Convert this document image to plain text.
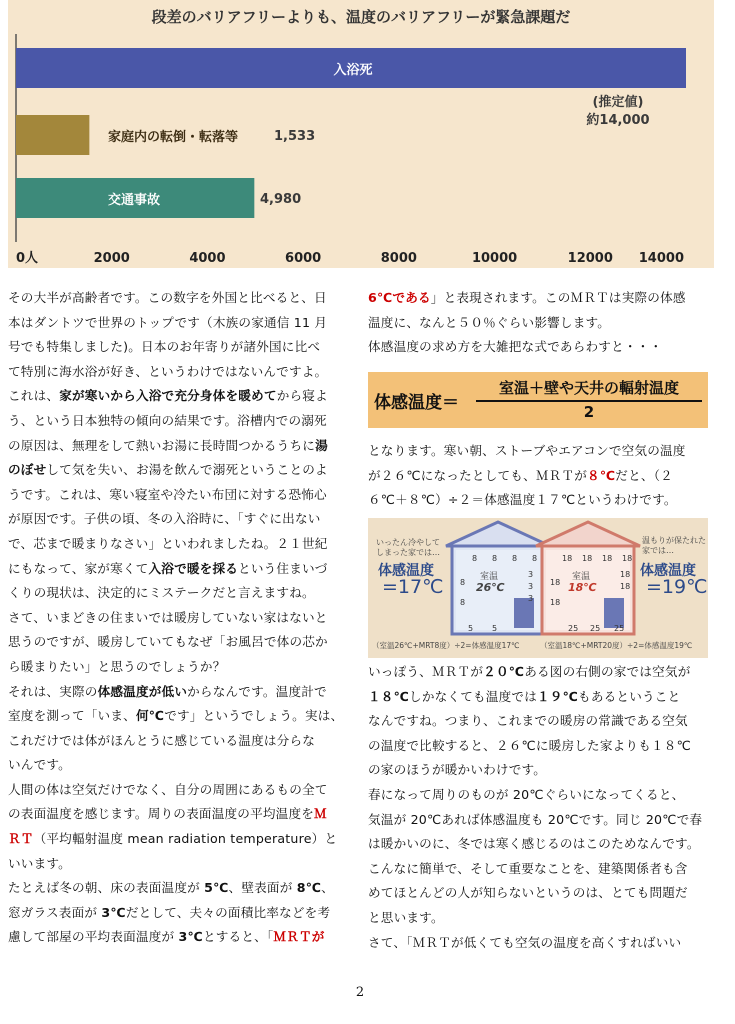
段差のバリアフリーよりも、温度のバリアフリーが緊急課題だ
入浴死
家庭内の転倒・転落等
交通事故
(推定値)
約14,000
1,533
4,980
0人	2000	4000	6000	8000	10000	12000 14000

その大半が高齢者です。この数字を外国と比べると、日

本はダントツで世界のトップです（木族の家通信 11 月

号でも特集しました)。日本のお年寄りが諸外国に比べ

て特別に海水浴が好き、というわけではないんですよ。

これは、家が寒いから入浴で充分身体を暖めてから寝よ

う、という日本独特の傾向の結果です。浴槽内での溺死

の原因は、無理をして熱いお湯に長時間つかるうちに湯

のぼせして気を失い、お湯を飲んで溺死ということのよ

うです。これは、寒い寝室や冷たい布団に対する恐怖心

が原因です。子供の頃、冬の入浴時に、「すぐに出ない

で、芯まで暖まりなさい」といわれましたね。２１世紀

にもなって、家が寒くて入浴で暖を採るという住まいづ

くりの現状は、決定的にミステークだと言えますね。

さて、いまどきの住まいでは暖房していない家はないと

思うのですが、暖房していてもなぜ「お風呂で体の芯か

ら暖まりたい」と思うのでしょうか？

それは、実際の体感温度が低いからなんです。温度計で

室度を測って「いま、何℃です」というでしょう。実は、

これだけでは体がほんとうに感じている温度は分らな

いんです。

人間の体は空気だけでなく、自分の周囲にあるもの全て

の表面温度を感じます。周りの表面温度の平均温度をＭ

ＲＴ（平均輻射温度 mean radiation temperature）と

いいます。

たとえば冬の朝、床の表面温度が 5℃、壁表面が 8℃、

窓ガラス表面が 3℃だとして、夫々の面積比率などを考

慮して部屋の平均表面温度が 3℃とすると、「ＭＲＴが

6℃である」と表現されます。このＭＲＴは実際の体感

温度に、なんと５０％ぐらい影響します。

体感温度の求め方を大雑把な式であらわすと・・・

体感温度＝
室温＋壁や天井の輻射温度
2

となります。寒い朝、ストーブやエアコンで空気の温度

が２６℃になったとしても、ＭＲＴが８℃だと、（２

６℃＋８℃）÷２＝体感温度１７℃というわけです。

いったん冷やして
しまった家では…
体感温度
=17℃	室温
26℃
温もりが保たれた
家では…
体感温度
=19℃
室温
18℃
（室温26℃+MRT8度）÷2=体感温度17℃	（室温18℃+MRT20度）÷2=体感温度19℃
8 8 8 8
8
8
3
3
3
5 5
18 18 18 18
18
18
18
18
25 25 25

いっぽう、ＭＲＴが２０℃ある図の右側の家では空気が

１８℃しかなくても温度では１９℃もあるということ

なんですね。つまり、これまでの暖房の常識である空気

の温度で比較すると、２６℃に暖房した家よりも１８℃

の家のほうが暖かいわけです。

春になって周りのものが 20℃ぐらいになってくると、

気温が 20℃あれば体感温度も 20℃です。同じ 20℃で春

は暖かいのに、冬では寒く感じるのはこのためなんです。

こんなに簡単で、そして重要なことを、建築関係者も含

めてほとんどの人が知らないというのは、とても問題だ

と思います。

さて、「ＭＲＴが低くても空気の温度を高くすればいい

2
